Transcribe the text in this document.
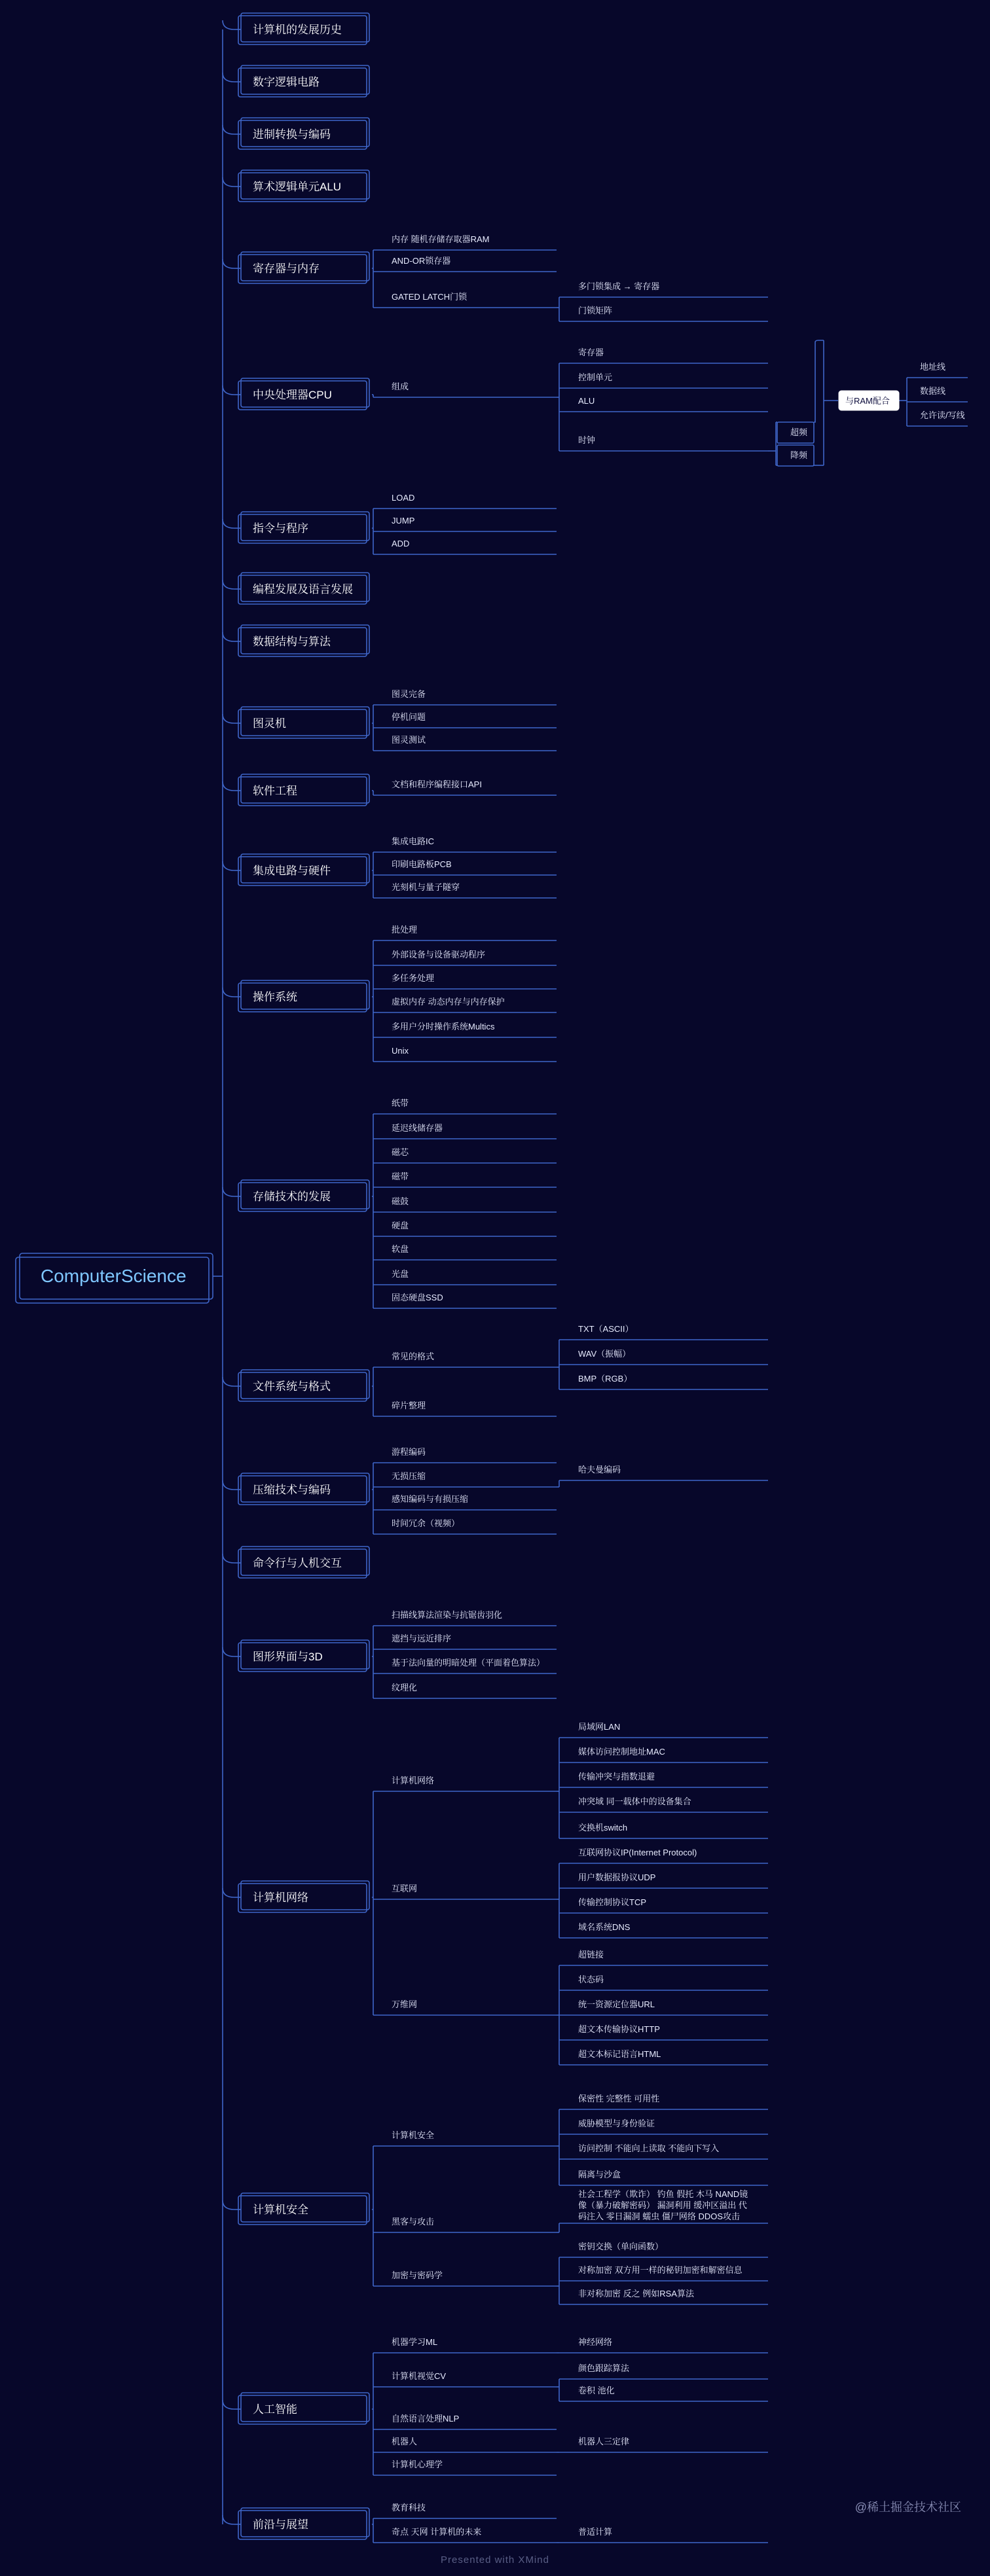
ComputerScience
计算机的发展历史
数字逻辑电路
进制转换与编码
算术逻辑单元ALU
寄存器与内存
内存 随机存储存取器RAM
AND-OR锁存器
GATED LATCH门锁
多门锁集成 → 寄存器
门锁矩阵
中央处理器CPU
组成
寄存器
控制单元
ALU
时钟
超频
降频
指令与程序
LOAD
JUMP
ADD
编程发展及语言发展
数据结构与算法
图灵机
图灵完备
停机问题
图灵测试
软件工程
文档和程序编程接口API
集成电路与硬件
集成电路IC
印刷电路板PCB
光刻机与量子隧穿
操作系统
批处理
外部设备与设备驱动程序
多任务处理
虚拟内存 动态内存与内存保护
多用户分时操作系统Multics
Unix
存储技术的发展
纸带
延迟线储存器
磁芯
磁带
磁鼓
硬盘
软盘
光盘
固态硬盘SSD
文件系统与格式
常见的格式
TXT（ASCII）
WAV（振幅）
BMP（RGB）
碎片整理
压缩技术与编码
游程编码
无损压缩
哈夫曼编码
感知编码与有损压缩
时间冗余（视频）
命令行与人机交互
图形界面与3D
扫描线算法渲染与抗锯齿羽化
遮挡与远近排序
基于法向量的明暗处理（平面着色算法）
纹理化
计算机网络
计算机网络
局域网LAN
媒体访问控制地址MAC
传输冲突与指数退避
冲突域 同一载体中的设备集合
交换机switch
互联网
互联网协议IP(Internet Protocol)
用户数据报协议UDP
传输控制协议TCP
域名系统DNS
万维网
超链接
状态码
统一资源定位器URL
超文本传输协议HTTP
超文本标记语言HTML
计算机安全
计算机安全
保密性 完整性 可用性
威胁模型与身份验证
访问控制 不能向上读取 不能向下写入
隔离与沙盒
黑客与攻击
社会工程学（欺诈） 钓鱼 假托 木马 NAND镜
像（暴力破解密码） 漏洞利用 缓冲区溢出 代
码注入 零日漏洞 蠕虫 僵尸网络 DDOS攻击
加密与密码学
密钥交换（单向函数）
对称加密 双方用一样的秘钥加密和解密信息
非对称加密 反之 例如RSA算法
人工智能
机器学习ML	神经网络
计算机视觉CV
颜色跟踪算法
卷积 池化
自然语言处理NLP
机器人	机器人三定律
计算机心理学
前沿与展望
教育科技
奇点 天网 计算机的未来	普适计算
与RAM配合
地址线
数据线
允许读/写线
Presented with XMind
@稀土掘金技术社区
